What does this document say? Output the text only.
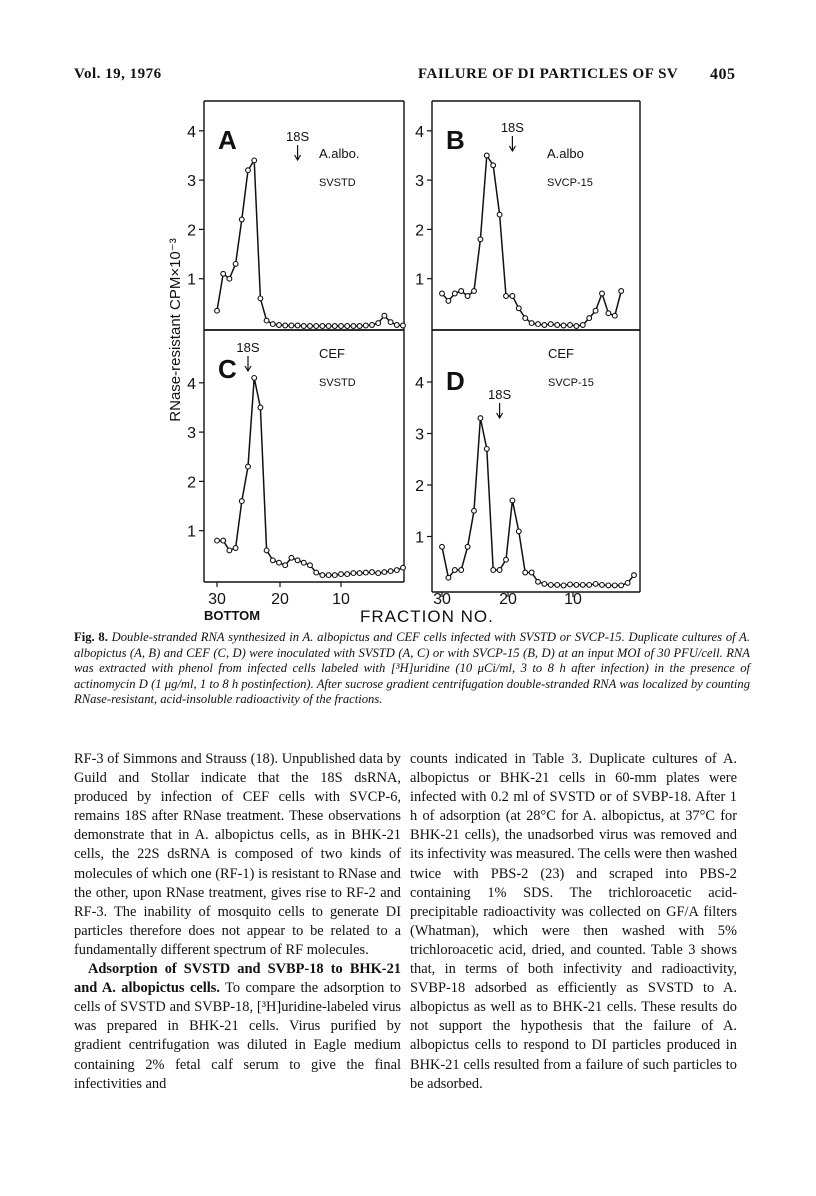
Vol. 19, 1976	FAILURE OF DI PARTICLES OF SV 405
4
3
2
1
A	A.albo.
SVSTD
18S	4
3
2
1
B	A.albo
SVCP-15
18S
4
3
2
1
C
CEF
SVSTD
18S
4
3
2
1
D
CEF
SVCP-15
18S
30	20	10	30	20	10
BOTTOM	FRACTION NO.
RNase-resistant CPM×10⁻³
Fig. 8. Double-stranded RNA synthesized in A. albopictus and CEF cells infected with SVSTD or SVCP-15. Duplicate cultures of A. albopictus (A, B) and CEF (C, D) were inoculated with SVSTD (A, C) or with SVCP-15 (B, D) at an input MOI of 30 PFU/cell. RNA was extracted with phenol from infected cells labeled with [³H]uridine (10 μCi/ml, 3 to 8 h after infection) in the presence of actinomycin D (1 μg/ml, 1 to 8 h postinfection). After sucrose gradient centrifugation double-stranded RNA was localized by counting RNase-resistant, acid-insoluble radioactivity of the fractions.

RF-3 of Simmons and Strauss (18). Unpublished data by Guild and Stollar indicate that the 18S dsRNA, produced by infection of CEF cells with SVCP-6, remains 18S after RNase treatment. These observations demonstrate that in A. albopictus cells, as in BHK-21 cells, the 22S dsRNA is composed of two kinds of molecules of which one (RF-1) is resistant to RNase and the other, upon RNase treatment, gives rise to RF-2 and RF-3. The inability of mosquito cells to generate DI particles therefore does not appear to be related to a fundamentally different spectrum of RF molecules.

Adsorption of SVSTD and SVBP-18 to BHK-21 and A. albopictus cells. To compare the adsorption to cells of SVSTD and SVBP-18, [³H]uridine-labeled virus was prepared in BHK-21 cells. Virus purified by gradient centrifugation was diluted in Eagle medium containing 2% fetal calf serum to give the final infectivities and

counts indicated in Table 3. Duplicate cultures of A. albopictus or BHK-21 cells in 60-mm plates were infected with 0.2 ml of SVSTD or of SVBP-18. After 1 h of adsorption (at 28°C for A. albopictus, at 37°C for BHK-21 cells), the unadsorbed virus was removed and its infectivity was measured. The cells were then washed twice with PBS-2 (23) and scraped into PBS-2 containing 1% SDS. The trichloroacetic acid-precipitable radioactivity was collected on GF/A filters (Whatman), which were then washed with 5% trichloroacetic acid, dried, and counted. Table 3 shows that, in terms of both infectivity and radioactivity, SVBP-18 adsorbed as efficiently as SVSTD to A. albopictus as well as to BHK-21 cells. These results do not support the hypothesis that the failure of A. albopictus cells to respond to DI particles produced in BHK-21 cells resulted from a failure of such particles to be adsorbed.
